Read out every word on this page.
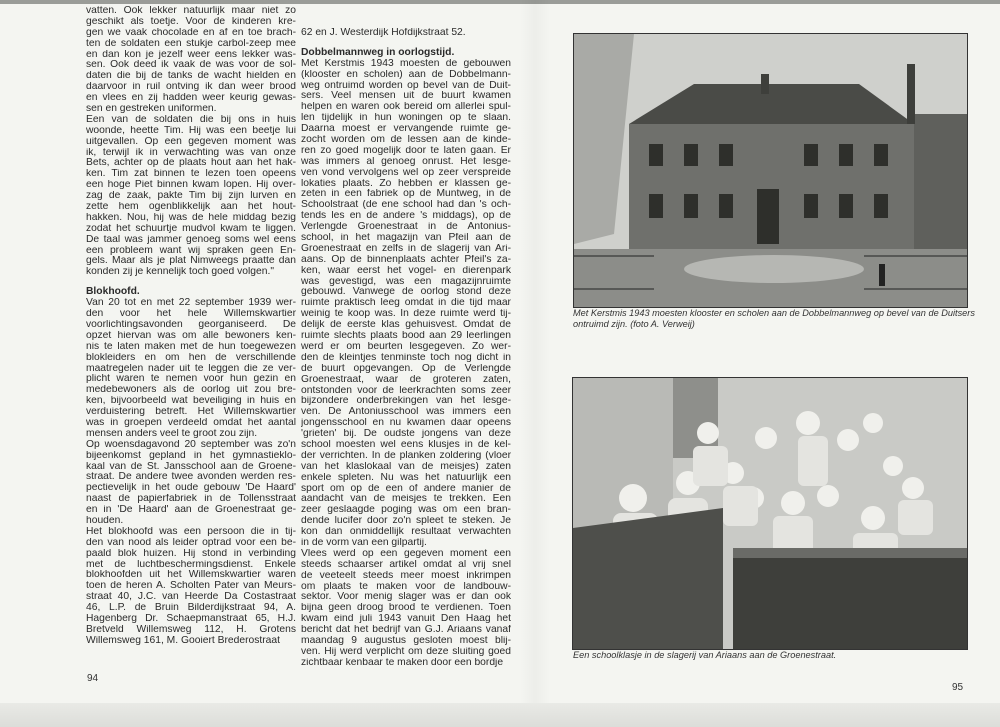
vatten. Ook lekker natuurlijk maar niet zo
geschikt als toetje. Voor de kinderen kre-
gen we vaak chocolade en af en toe brach-
ten de soldaten een stukje carbol-zeep mee
en dan kon je jezelf weer eens lekker was-
sen. Ook deed ik vaak de was voor de sol-
daten die bij de tanks de wacht hielden en
daarvoor in ruil ontving ik dan weer brood
en vlees en zij hadden weer keurig gewas-
sen en gestreken uniformen.
Een van de soldaten die bij ons in huis
woonde, heette Tim. Hij was een beetje lui
uitgevallen. Op een gegeven moment was
ik, terwijl ik in verwachting was van onze
Bets, achter op de plaats hout aan het hak-
ken. Tim zat binnen te lezen toen opeens
een hoge Piet binnen kwam lopen. Hij over-
zag de zaak, pakte Tim bij zijn lurven en
zette hem ogenblikkelijk aan het hout-
hakken. Nou, hij was de hele middag bezig
zodat het schuurtje mudvol kwam te liggen.
De taal was jammer genoeg soms wel eens
een probleem want wij spraken geen En-
gels. Maar als je plat Nimweegs praatte dan
konden zij je kennelijk toch goed volgen."
Blokhoofd.
Van 20 tot en met 22 september 1939 wer-
den voor het hele Willemskwartier
voorlichtingsavonden georganiseerd. De
opzet hiervan was om alle bewoners ken-
nis te laten maken met de hun toegewezen
blokleiders en om hen de verschillende
maatregelen nader uit te leggen die ze ver-
plicht waren te nemen voor hun gezin en
medebewoners als de oorlog uit zou bre-
ken, bijvoorbeeld wat beveiliging in huis en
verduistering betreft. Het Willemskwartier
was in groepen verdeeld omdat het aantal
mensen anders veel te groot zou zijn.
Op woensdagavond 20 september was zo'n
bijeenkomst gepland in het gymnastieklo-
kaal van de St. Jansschool aan de Groene-
straat. De andere twee avonden werden res-
pectievelijk in het oude gebouw 'De Haard'
naast de papierfabriek in de Tollensstraat
en in 'De Haard' aan de Groenestraat ge-
houden.
Het blokhoofd was een persoon die in tij-
den van nood als leider optrad voor een be-
paald blok huizen. Hij stond in verbinding
met de luchtbeschermingsdienst. Enkele
blokhoofden uit het Willemskwartier waren
toen de heren A. Scholten Pater van Meurs-
straat 40, J.C. van Heerde Da Costastraat
46, L.P. de Bruin Bilderdijkstraat 94, A.
Hagenberg Dr. Schaepmanstraat 65, H.J.
Bretveld Willemsweg 112, H. Grotens
Willemsweg 161, M. Gooiert Brederostraat
62 en J. Westerdijk Hofdijkstraat 52.
Dobbelmannweg in oorlogstijd.
Met Kerstmis 1943 moesten de gebouwen
(klooster en scholen) aan de Dobbelmann-
weg ontruimd worden op bevel van de Duit-
sers. Veel mensen uit de buurt kwamen
helpen en waren ook bereid om allerlei spul-
len tijdelijk in hun woningen op te slaan.
Daarna moest er vervangende ruimte ge-
zocht worden om de lessen aan de kinde-
ren zo goed mogelijk door te laten gaan. Er
was immers al genoeg onrust. Het lesge-
ven vond vervolgens wel op zeer verspreide
lokaties plaats. Zo hebben er klassen ge-
zeten in een fabriek op de Muntweg, in de
Schoolstraat (de ene school had dan 's och-
tends les en de andere 's middags), op de
Verlengde Groenestraat in de Antonius-
school, in het magazijn van Pfeil aan de
Groenestraat en zelfs in de slagerij van Ari-
aans. Op de binnenplaats achter Pfeil's za-
ken, waar eerst het vogel- en dierenpark
was gevestigd, was een magazijnruimte
gebouwd. Vanwege de oorlog stond deze
ruimte praktisch leeg omdat in die tijd maar
weinig te koop was. In deze ruimte werd tij-
delijk de eerste klas gehuisvest. Omdat de
ruimte slechts plaats bood aan 29 leerlingen
werd er om beurten lesgegeven. Zo wer-
den de kleintjes tenminste toch nog dicht in
de buurt opgevangen. Op de Verlengde
Groenestraat, waar de groteren zaten,
ontstonden voor de leerkrachten soms zeer
bijzondere onderbrekingen van het lesge-
ven. De Antoniusschool was immers een
jongensschool en nu kwamen daar opeens
'grieten' bij. De oudste jongens van deze
school moesten wel eens klusjes in de kel-
der verrichten. In de planken zoldering (vloer
van het klaslokaal van de meisjes) zaten
enkele spleten. Nu was het natuurlijk een
sport om op de een of andere manier de
aandacht van de meisjes te trekken. Een
zeer geslaagde poging was om een bran-
dende lucifer door zo'n spleet te steken. Je
kon dan onmiddellijk resultaat verwachten
in de vorm van een gilpartij.
Vlees werd op een gegeven moment een
steeds schaarser artikel omdat al vrij snel
de veeteelt steeds meer moest inkrimpen
om plaats te maken voor de landbouw-
sektor. Voor menig slager was er dan ook
bijna geen droog brood te verdienen. Toen
kwam eind juli 1943 vanuit Den Haag het
bericht dat het bedrijf van G.J. Ariaans vanaf
maandag 9 augustus gesloten moest blij-
ven. Hij werd verplicht om deze sluiting goed
zichtbaar kenbaar te maken door een bordje
94
Met Kerstmis 1943 moesten klooster en scholen aan de Dobbelmannweg op bevel van de Duitsers
ontruimd zijn. (foto A. Verweij)
Een schoolklasje in de slagerij van Ariaans aan de Groenestraat.
95
